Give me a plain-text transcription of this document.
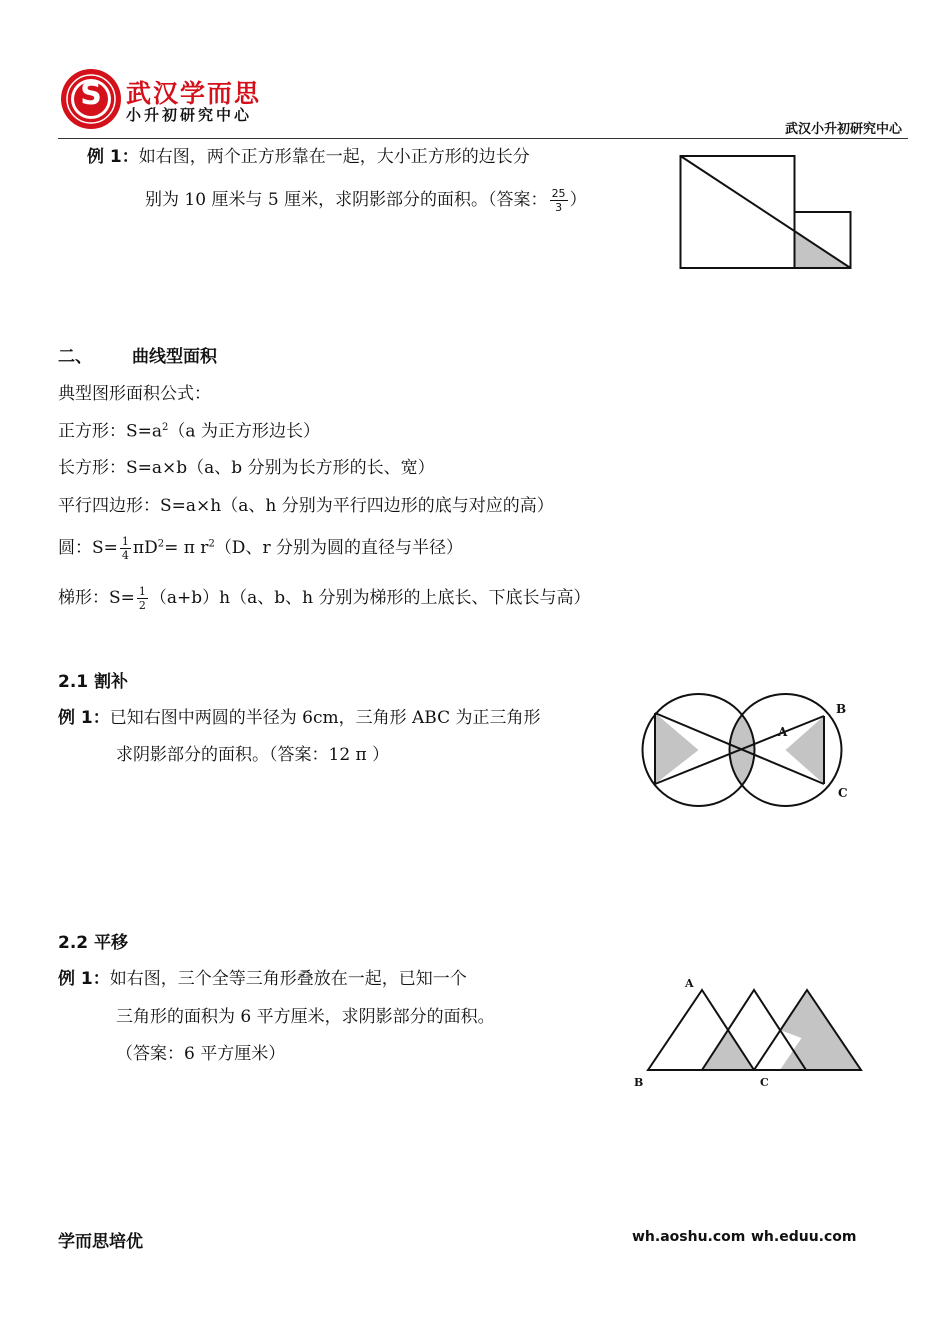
S 武汉学而思
小升初研究中心
武汉小升初研究中心
例 1：如右图，两个正方形靠在一起，大小正方形的边长分
别为 10 厘米与 5 厘米，求阴影部分的面积。（答案： $\frac{25}{3}$ ）
二、 曲线型面积
典型图形面积公式：
正方形：$S=a^2(a$ 为正方形边长）
长方形：S=a×b（a、b 分别为长方形的长、宽）
平行四边形：S=a×h（a、h 分别为平行四边形的底与对应的高）
圆：$S= \frac{1}{4} \pi D^2= \pi$ $r^2(D$、r 分别为圆的直径与半径）
梯形：$S= \frac{1}{2} (a+b)h(a$、b、h 分别为梯形的上底长、下底长与高）
2.1 割补
例 1：已知右图中两圆的半径为 6cm，三角形 ABC 为正三角形
求阴影部分的面积。（答案：12 π ）
A
B
C
2.2 平移
例 1：如右图，三个全等三角形叠放在一起，已知一个
三角形的面积为 6 平方厘米，求阴影部分的面积。
（答案：6 平方厘米）
A
B	C
学而思培优	wh.aoshu.com wh.eduu.com
